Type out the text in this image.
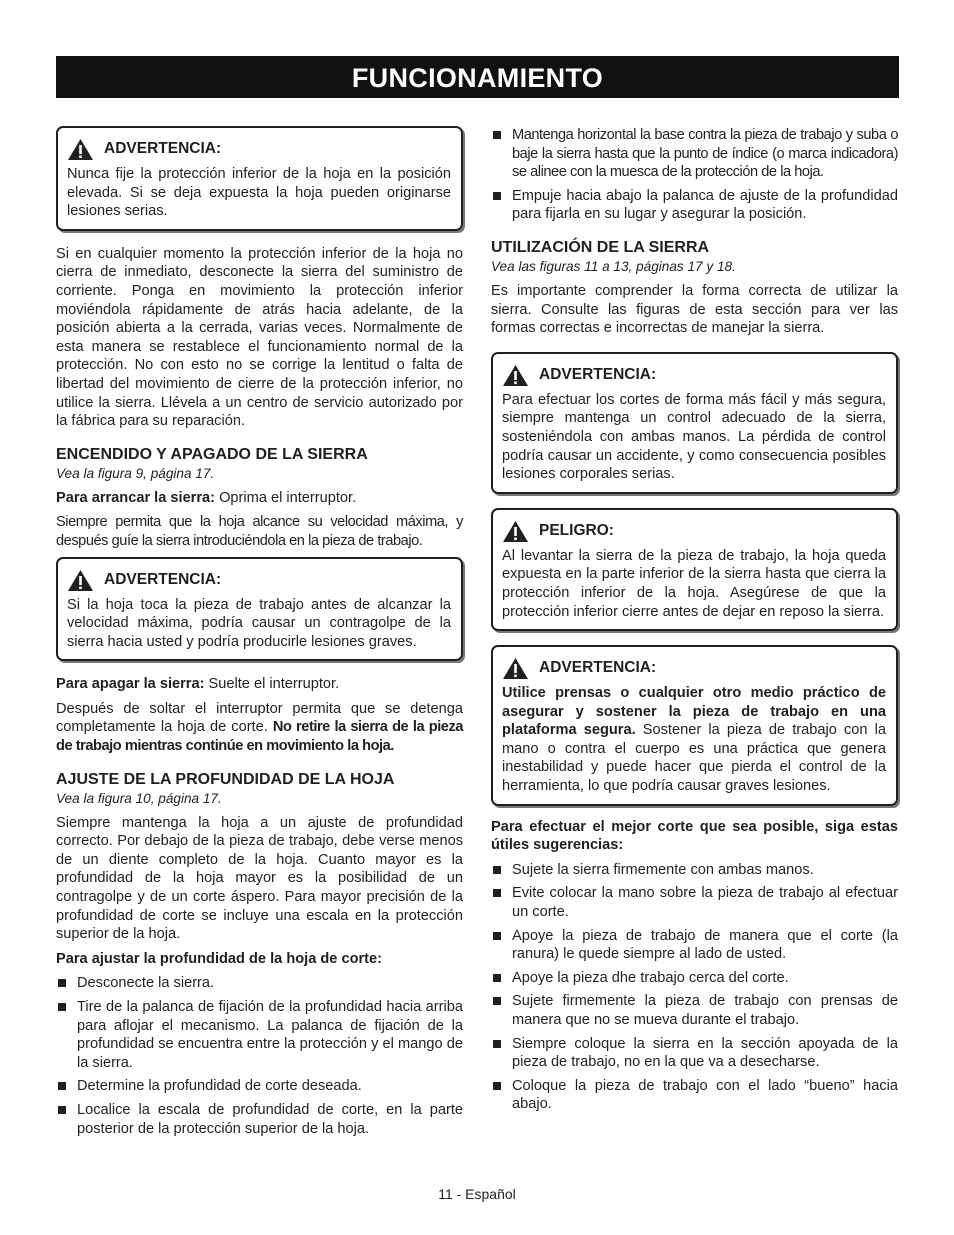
FUNCIONAMIENTO
ADVERTENCIA:

Nunca fije la protección inferior de la hoja en la posición elevada. Si se deja expuesta la hoja pueden originarse lesiones serias.

Si en cualquier momento la protección inferior de la hoja no cierra de inmediato, desconecte la sierra del suministro de corriente. Ponga en movimiento la protección inferior moviéndola rápidamente de atrás hacia adelante, de la posición abierta a la cerrada, varias veces. Normalmente de esta manera se restablece el funcionamiento normal de la protección. No con esto no se corrige la lentitud o falta de libertad del movimiento de cierre de la protección inferior, no utilice la sierra. Llévela a un centro de servicio autorizado por la fábrica para su reparación.

ENCENDIDO Y APAGADO DE LA SIERRA
Vea la figura 9, página 17.

Para arrancar la sierra: Oprima el interruptor.

Siempre permita que la hoja alcance su velocidad máxima, y después guíe la sierra introduciéndola en la pieza de trabajo.

ADVERTENCIA:

Si la hoja toca la pieza de trabajo antes de alcanzar la velocidad máxima, podría causar un contragolpe de la sierra hacia usted y podría producirle lesiones graves.

Para apagar la sierra: Suelte el interruptor.

Después de soltar el interruptor permita que se detenga completamente la hoja de corte. No retire la sierra de la pieza de trabajo mientras continúe en movimiento la hoja.

AJUSTE DE LA PROFUNDIDAD DE LA HOJA
Vea la figura 10, página 17.

Siempre mantenga la hoja a un ajuste de profundidad correcto. Por debajo de la pieza de trabajo, debe verse menos de un diente completo de la hoja. Cuanto mayor es la profundidad de la hoja mayor es la posibilidad de un contragolpe y de un corte áspero. Para mayor precisión de la profundidad de corte se incluye una escala en la protección superior de la hoja.

Para ajustar la profundidad de la hoja de corte:

Desconecte la sierra.
Tire de la palanca de fijación de la profundidad hacia arriba para aflojar el mecanismo. La palanca de fijación de la profundidad se encuentra entre la protección y el mango de la sierra.
Determine la profundidad de corte deseada.
Localice la escala de profundidad de corte, en la parte posterior de la protección superior de la hoja.
Mantenga horizontal la base contra la pieza de trabajo y suba o baje la sierra hasta que la punto de índice (o marca indicadora) se alinee con la muesca de la protección de la hoja.
Empuje hacia abajo la palanca de ajuste de la profundidad para fijarla en su lugar y asegurar la posición.
UTILIZACIÓN DE LA SIERRA
Vea las figuras 11 a 13, páginas 17 y 18.

Es importante comprender la forma correcta de utilizar la sierra. Consulte las figuras de esta sección para ver las formas correctas e incorrectas de manejar la sierra.

ADVERTENCIA:

Para efectuar los cortes de forma más fácil y más segura, siempre mantenga un control adecuado de la sierra, sosteniéndola con ambas manos. La pérdida de control podría causar un accidente, y como consecuencia posibles lesiones corporales serias.

PELIGRO:

Al levantar la sierra de la pieza de trabajo, la hoja queda expuesta en la parte inferior de la sierra hasta que cierra la protección inferior de la hoja. Asegúrese de que la protección inferior cierre antes de dejar en reposo la sierra.

ADVERTENCIA:

Utilice prensas o cualquier otro medio práctico de asegurar y sostener la pieza de trabajo en una plataforma segura. Sostener la pieza de trabajo con la mano o contra el cuerpo es una práctica que genera inestabilidad y puede hacer que pierda el control de la herramienta, lo que podría causar graves lesiones.

Para efectuar el mejor corte que sea posible, siga estas útiles sugerencias:

Sujete la sierra firmemente con ambas manos.
Evite colocar la mano sobre la pieza de trabajo al efectuar un corte.
Apoye la pieza de trabajo de manera que el corte (la ranura) le quede siempre al lado de usted.
Apoye la pieza dhe trabajo cerca del corte.
Sujete firmemente la pieza de trabajo con prensas de manera que no se mueva durante el trabajo.
Siempre coloque la sierra en la sección apoyada de la pieza de trabajo, no en la que va a desecharse.
Coloque la pieza de trabajo con el lado “bueno” hacia abajo.
11 - Español
